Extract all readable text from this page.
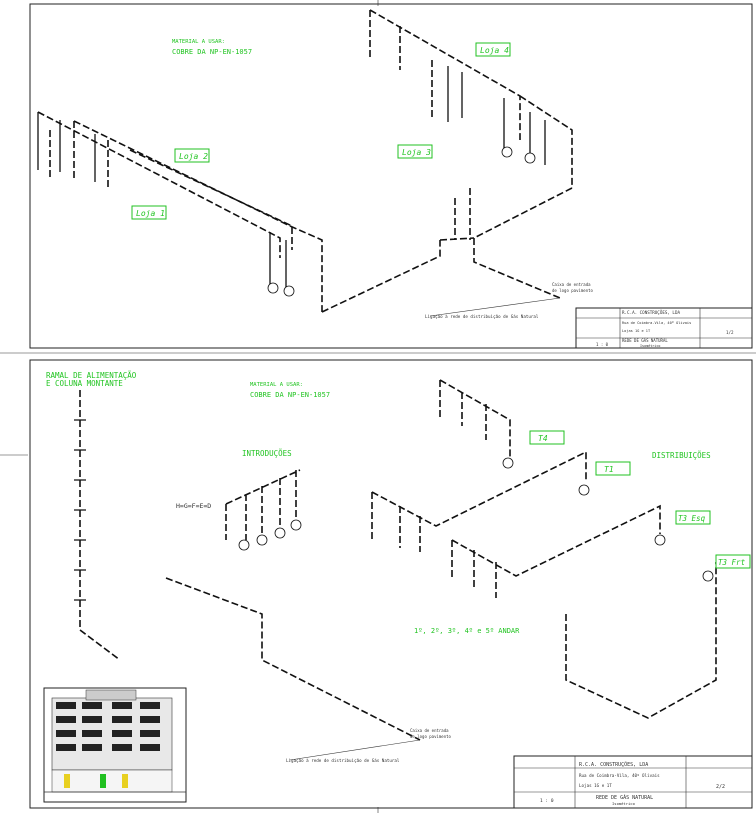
MATERIAL A USAR:
COBRE DA NP-EN-1057
Loja 1
Loja 2	Loja 3
Loja 4
Ligação à rede de distribuição de Gás Natural
Caixa de entrada
de logo pavimento
R.C.A. CONSTRUÇÕES, LDA
Rua de Coimbra-Vila, 40º Olivais
Lojas 1G e 1T
REDE DE GÁS NATURAL
Isométrico
1 : 0
1/2
RAMAL DE ALIMENTAÇÃO
E COLUNA MONTANTE	MATERIAL A USAR:
COBRE DA NP-EN-1057
INTRODUÇÕES	DISTRIBUIÇÕES
H=G=F=E=D
1º, 2º, 3º, 4º e 5º ANDAR
T4
T1
T3 Esq
T3 Frt
Ligação à rede de distribuição de Gás Natural
Caixa de entrada
de logo pavimento
R.C.A. CONSTRUÇÕES, LDA
Rua de Coimbra-Vila, 40º Olivais
Lojas 1G e 1T
REDE DE GÁS NATURAL
Isométrico
1 : 0
2/2
